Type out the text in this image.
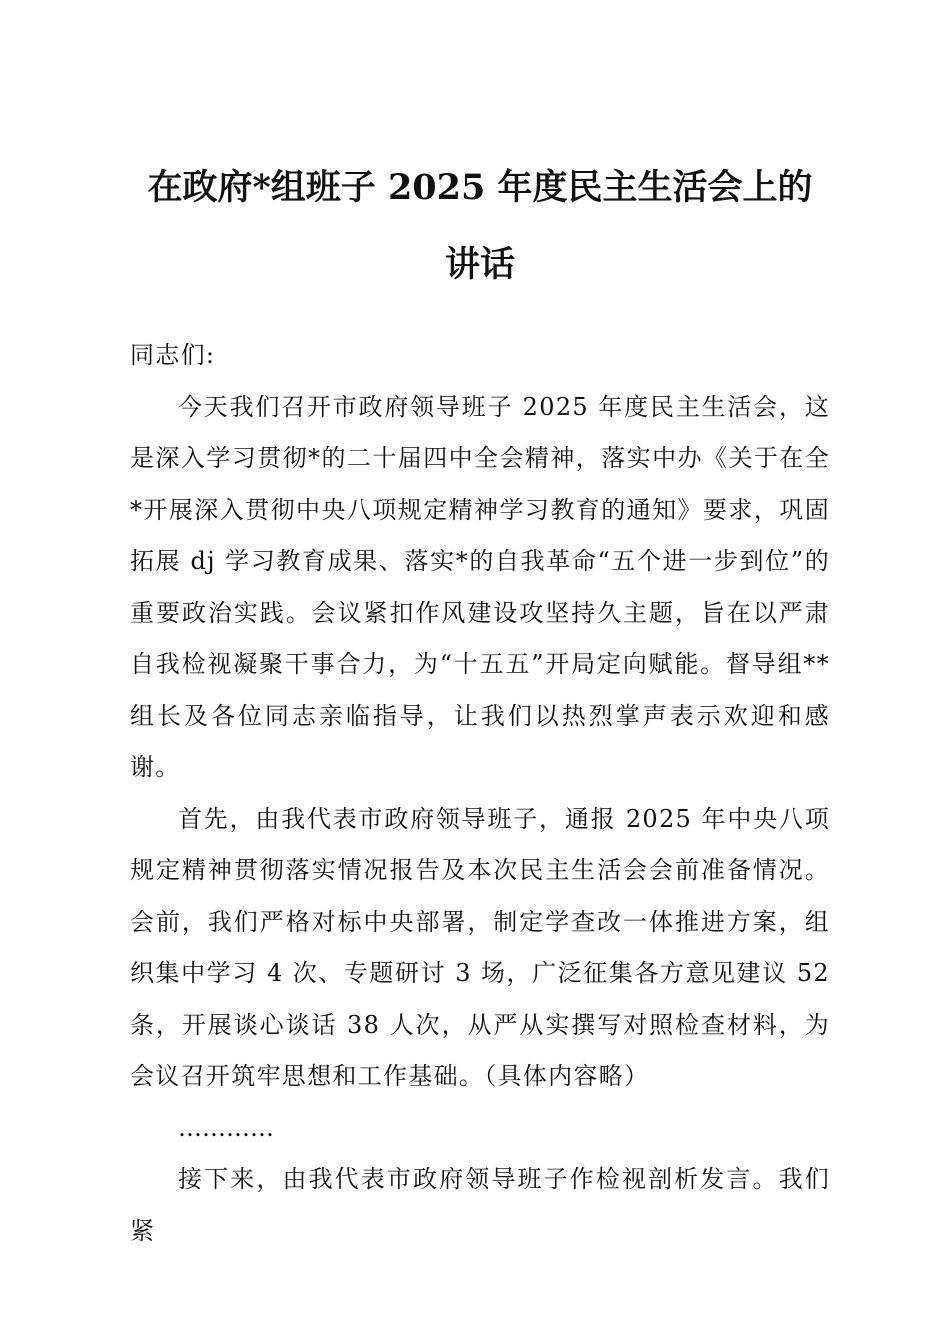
在政府*组班子 2025 年度民主生活会上的
讲话

同志们:

今天我们召开市政府领导班子 2025 年度民主生活会，这是深入学习贯彻*的二十届四中全会精神，落实中办《关于在全*开展深入贯彻中央八项规定精神学习教育的通知》要求，巩固拓展 dj 学习教育成果、落实*的自我革命“五个进一步到位”的重要政治实践。会议紧扣作风建设攻坚持久主题，旨在以严肃自我检视凝聚干事合力，为“十五五”开局定向赋能。督导组**组长及各位同志亲临指导，让我们以热烈掌声表示欢迎和感谢。

首先，由我代表市政府领导班子，通报 2025 年中央八项规定精神贯彻落实情况报告及本次民主生活会会前准备情况。会前，我们严格对标中央部署，制定学查改一体推进方案，组织集中学习 4 次、专题研讨 3 场，广泛征集各方意见建议 52 条，开展谈心谈话 38 人次，从严从实撰写对照检查材料，为会议召开筑牢思想和工作基础。（具体内容略）

…………

接下来，由我代表市政府领导班子作检视剖析发言。我们紧
